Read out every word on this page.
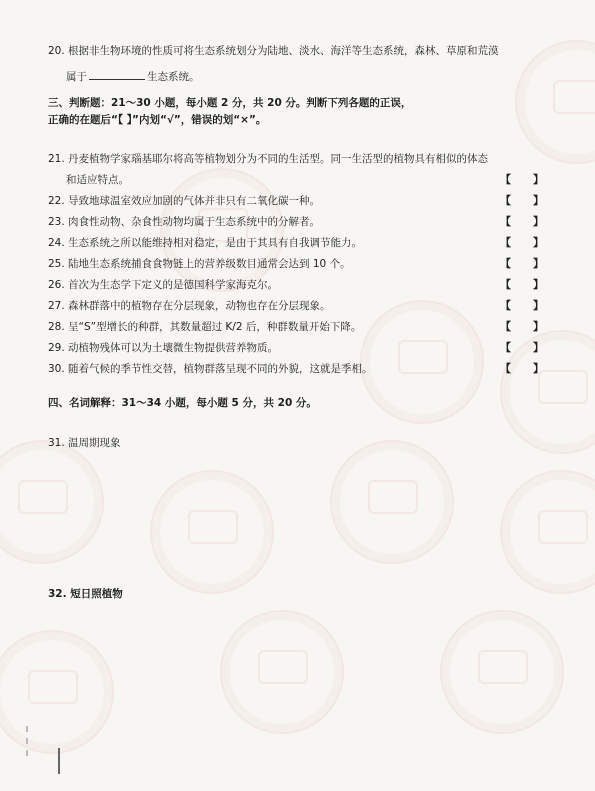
20. 根据非生物环境的性质可将生态系统划分为陆地、淡水、海洋等生态系统，森林、草原和荒漠
属于	生态系统。
三、判断题：21～30 小题，每小题 2 分，共 20 分。判断下列各题的正误，
正确的在题后“【 】”内划“√”，错误的划“×”。
21. 丹麦植物学家瑙基耶尔将高等植物划分为不同的生活型。同一生活型的植物具有相似的体态
和适应特点。	【 】
22. 导致地球温室效应加剧的气体并非只有二氧化碳一种。	【 】
23. 肉食性动物、杂食性动物均属于生态系统中的分解者。	【 】
24. 生态系统之所以能维持相对稳定，是由于其具有自我调节能力。	【 】
25. 陆地生态系统捕食食物链上的营养级数目通常会达到 10 个。	【 】
26. 首次为生态学下定义的是德国科学家海克尔。	【 】
27. 森林群落中的植物存在分层现象，动物也存在分层现象。	【 】
28. 呈“S”型增长的种群，其数量超过 K/2 后，种群数量开始下降。	【 】
29. 动植物残体可以为土壤微生物提供营养物质。	【 】
30. 随着气候的季节性交替，植物群落呈现不同的外貌，这就是季相。	【 】
四、名词解释：31～34 小题，每小题 5 分，共 20 分。
31. 温周期现象
32. 短日照植物
